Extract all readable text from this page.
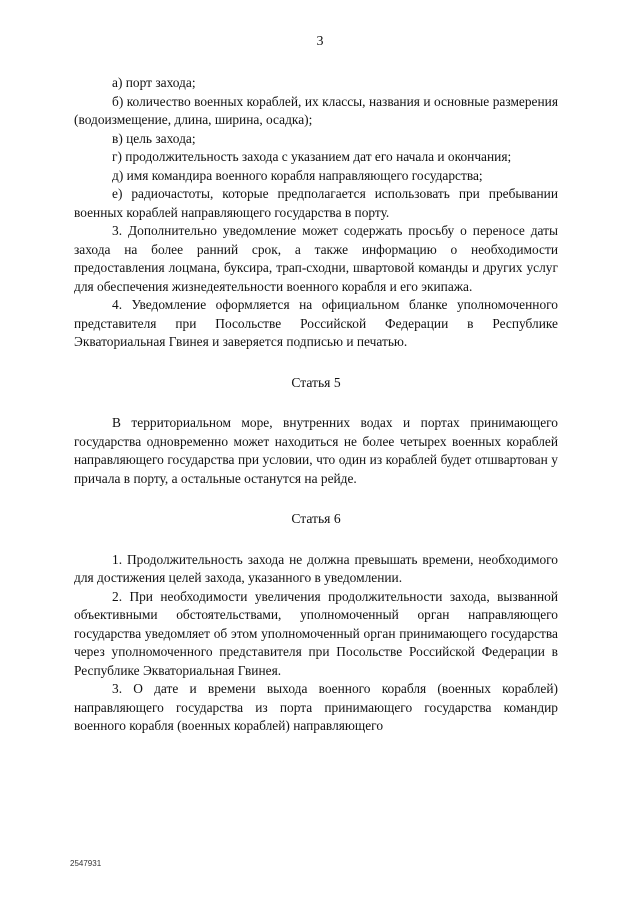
3

а) порт захода;

б) количество военных кораблей, их классы, названия и основные размерения (водоизмещение, длина, ширина, осадка);

в) цель захода;

г) продолжительность захода с указанием дат его начала и окончания;

д) имя командира военного корабля направляющего государства;

е) радиочастоты, которые предполагается использовать при пребывании военных кораблей направляющего государства в порту.

3. Дополнительно уведомление может содержать просьбу о переносе даты захода на более ранний срок, а также информацию о необходимости предоставления лоцмана, буксира, трап-сходни, швартовой команды и других услуг для обеспечения жизнедеятельности военного корабля и его экипажа.

4. Уведомление оформляется на официальном бланке уполномоченного представителя при Посольстве Российской Федерации в Республике Экваториальная Гвинея и заверяется подписью и печатью.

Статья 5

В территориальном море, внутренних водах и портах принимающего государства одновременно может находиться не более четырех военных кораблей направляющего государства при условии, что один из кораблей будет отшвартован у причала в порту, а остальные останутся на рейде.

Статья 6

1. Продолжительность захода не должна превышать времени, необходимого для достижения целей захода, указанного в уведомлении.

2. При необходимости увеличения продолжительности захода, вызванной объективными обстоятельствами, уполномоченный орган направляющего государства уведомляет об этом уполномоченный орган принимающего государства через уполномоченного представителя при Посольстве Российской Федерации в Республике Экваториальная Гвинея.

3. О дате и времени выхода военного корабля (военных кораблей) направляющего государства из порта принимающего государства командир военного корабля (военных кораблей) направляющего

2547931
